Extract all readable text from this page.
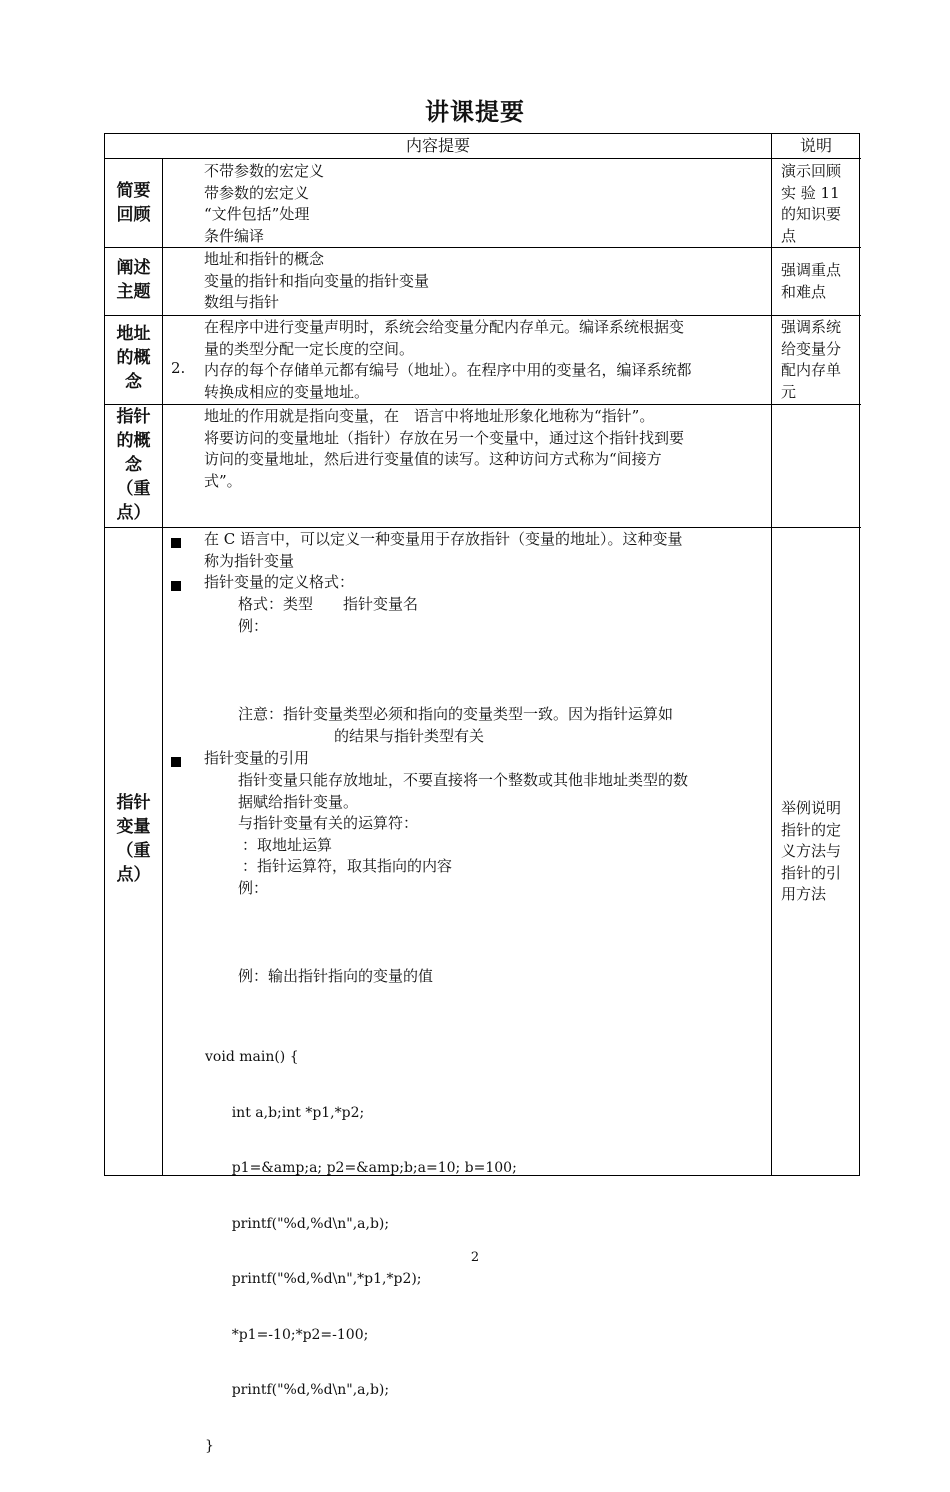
讲课提要
内容提要	说明
简要
回顾
不带参数的宏定义
带参数的宏定义
“文件包括”处理
条件编译
演示回顾
实 验 11
的知识要
点
阐述
主题
地址和指针的概念
变量的指针和指向变量的指针变量
数组与指针
强调重点
和难点
地址
的概
念
2.
在程序中进行变量声明时，系统会给变量分配内存单元。编译系统根据变
量的类型分配一定长度的空间。
内存的每个存储单元都有编号（地址）。在程序中用的变量名，编译系统都
转换成相应的变量地址。
强调系统
给变量分
配内存单
元
指针
的概
念
（重
点）
地址的作用就是指向变量，在　语言中将地址形象化地称为“指针”。
将要访问的变量地址（指针）存放在另一个变量中，通过这个指针找到要
访问的变量地址，然后进行变量值的读写。这种访问方式称为“间接方
式”。
指针
变量
（重
点）
在 C 语言中，可以定义一种变量用于存放指针（变量的地址）。这种变量
称为指针变量
指针变量的定义格式：
格式：类型　　指针变量名
例：
注意：指针变量类型必须和指向的变量类型一致。因为指针运算如
的结果与指针类型有关
指针变量的引用
指针变量只能存放地址，不要直接将一个整数或其他非地址类型的数
据赋给指针变量。
与指针变量有关的运算符：
：取地址运算
：指针运算符，取其指向的内容
例：
例：输出指针指向的变量的值

void main() {

int a,b;int *p1,*p2;

p1=&amp;a; p2=&amp;b;a=10; b=100;

printf("%d,%d\n",a,b);

printf("%d,%d\n",*p1,*p2);

*p1=-10;*p2=-100;

printf("%d,%d\n",a,b);

}

举例说明
指针的定
义方法与
指针的引
用方法
2
